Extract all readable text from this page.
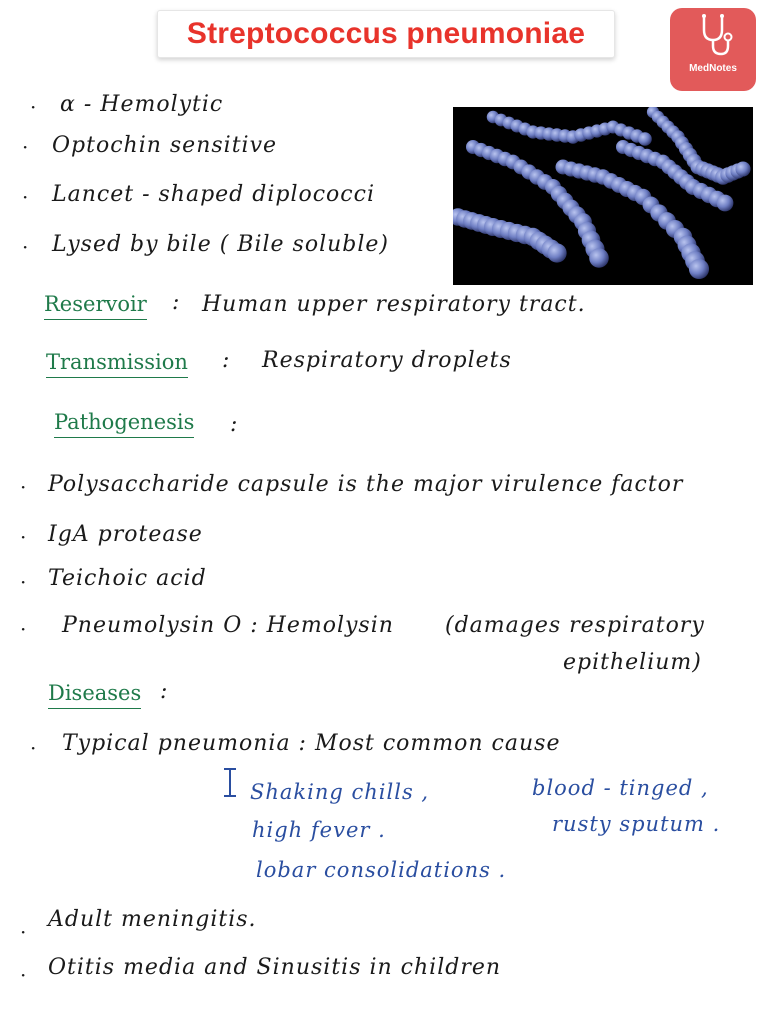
Streptococcus pneumoniae
MedNotes
· α - Hemolytic
· Optochin sensitive
· Lancet - shaped diplococci
· Lysed by bile ( Bile soluble)
Reservoir : Human upper respiratory tract.
Transmission : Respiratory droplets
Pathogenesis :
· Polysaccharide capsule is the major virulence factor
· IgA protease
· Teichoic acid
· Pneumolysin O : Hemolysin (damages respiratory
epithelium)
Diseases :
· Typical pneumonia : Most common cause
Shaking chills ,
high fever .
lobar consolidations .
blood - tinged ,
rusty sputum .
· Adult meningitis.
· Otitis media and Sinusitis in children
